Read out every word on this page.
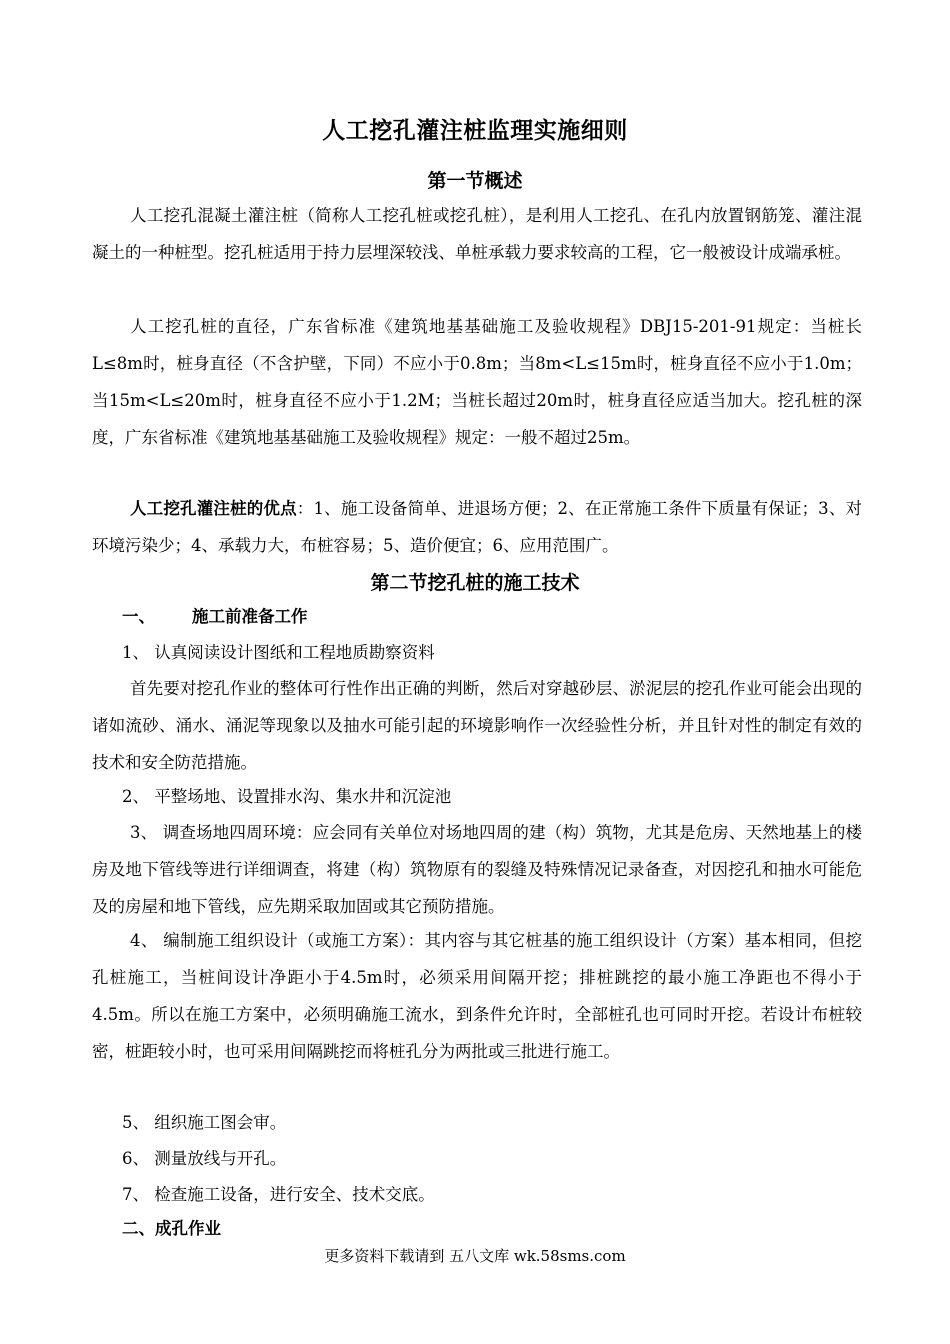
人工挖孔灌注桩监理实施细则
第一节概述

人工挖孔混凝土灌注桩（简称人工挖孔桩或挖孔桩），是利用人工挖孔、在孔内放置钢筋笼、灌注混凝土的一种桩型。挖孔桩适用于持力层埋深较浅、单桩承载力要求较高的工程，它一般被设计成端承桩。

人工挖孔桩的直径，广东省标准《建筑地基基础施工及验收规程》DBJ15-201-91规定：当桩长L≤8m时，桩身直径（不含护壁，下同）不应小于0.8m；当8m<L≤15m时，桩身直径不应小于1.0m；当15m<L≤20m时，桩身直径不应小于1.2M；当桩长超过20m时，桩身直径应适当加大。挖孔桩的深度，广东省标准《建筑地基基础施工及验收规程》规定：一般不超过25m。

人工挖孔灌注桩的优点：1、施工设备简单、进退场方便；2、在正常施工条件下质量有保证；3、对环境污染少；4、承载力大，布桩容易；5、造价便宜；6、应用范围广。

第二节挖孔桩的施工技术
一、 施工前准备工作
1、 认真阅读设计图纸和工程地质勘察资料

首先要对挖孔作业的整体可行性作出正确的判断，然后对穿越砂层、淤泥层的挖孔作业可能会出现的诸如流砂、涌水、涌泥等现象以及抽水可能引起的环境影响作一次经验性分析，并且针对性的制定有效的技术和安全防范措施。

2、 平整场地、设置排水沟、集水井和沉淀池

3、 调查场地四周环境：应会同有关单位对场地四周的建（构）筑物，尤其是危房、天然地基上的楼房及地下管线等进行详细调查，将建（构）筑物原有的裂缝及特殊情况记录备查，对因挖孔和抽水可能危及的房屋和地下管线，应先期采取加固或其它预防措施。

4、 编制施工组织设计（或施工方案）：其内容与其它桩基的施工组织设计（方案）基本相同，但挖孔桩施工，当桩间设计净距小于4.5m时，必须采用间隔开挖；排桩跳挖的最小施工净距也不得小于4.5m。所以在施工方案中，必须明确施工流水，到条件允许时，全部桩孔也可同时开挖。若设计布桩较密，桩距较小时，也可采用间隔跳挖而将桩孔分为两批或三批进行施工。

5、 组织施工图会审。
6、 测量放线与开孔。
7、 检查施工设备，进行安全、技术交底。
二、成孔作业
更多资料下载请到 五八文库 wk.58sms.com
